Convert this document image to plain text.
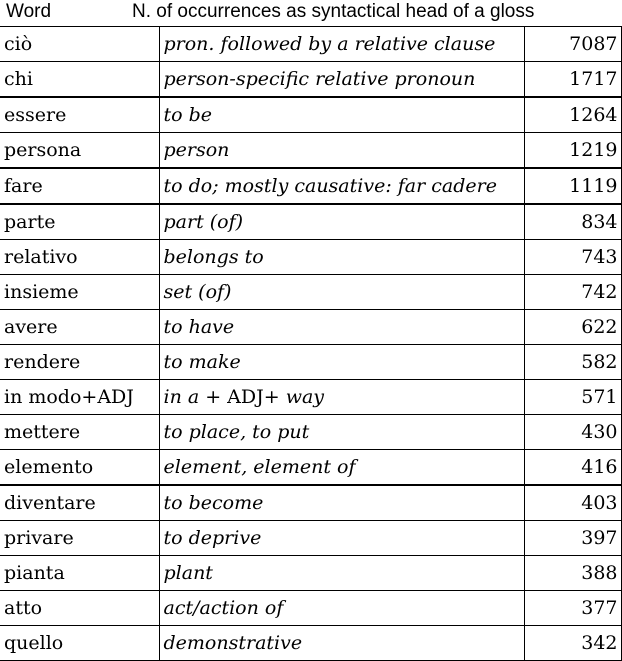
Word	N. of occurrences as syntactical head of a gloss
ciò	pron. followed by a relative clause	7087
chi	person-specific relative pronoun	1717
essere	to be	1264
persona	person	1219
fare	to do; mostly causative: far cadere	1119
parte	part (of)	834
relativo	belongs to	743
insieme	set (of)	742
avere	to have	622
rendere	to make	582
in modo+ADJ	in a + ADJ+ way	571
mettere	to place, to put	430
elemento	element, element of	416
diventare	to become	403
privare	to deprive	397
pianta	plant	388
atto	act/action of	377
quello	demonstrative	342
